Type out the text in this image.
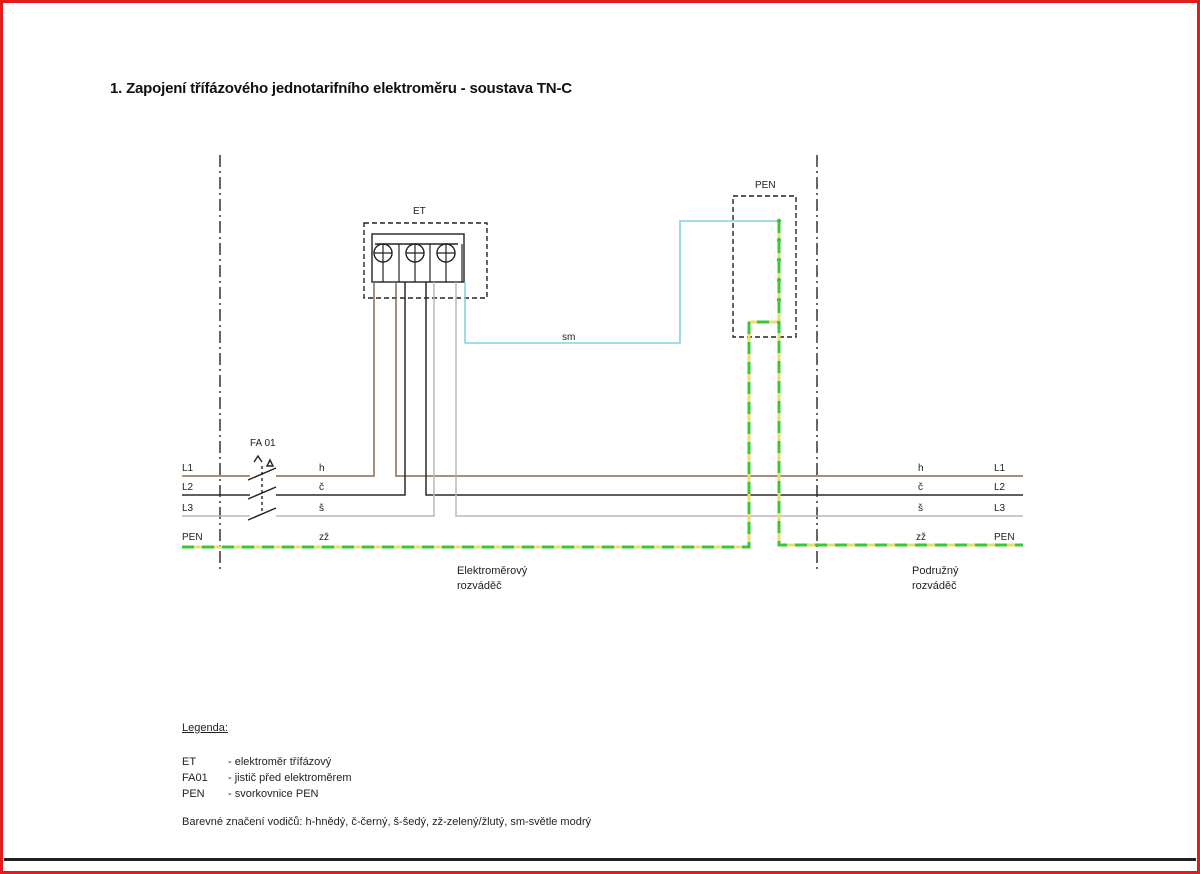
1. Zapojení třífázového jednotarifního elektroměru - soustava TN-C
ET
PEN
sm
FA 01
L1
L2
L3
PEN
h
č
š
zž
h
č
š
zž
L1
L2
L3
PEN
Elektroměrový
rozváděč
Podružný
rozváděč
Legenda:
ET	- elektroměr třífázový
FA01 - jistič před elektroměrem
PEN - svorkovnice PEN
Barevné značení vodičů: h-hnědý, č-černý, š-šedý, zž-zelený/žlutý, sm-světle modrý
